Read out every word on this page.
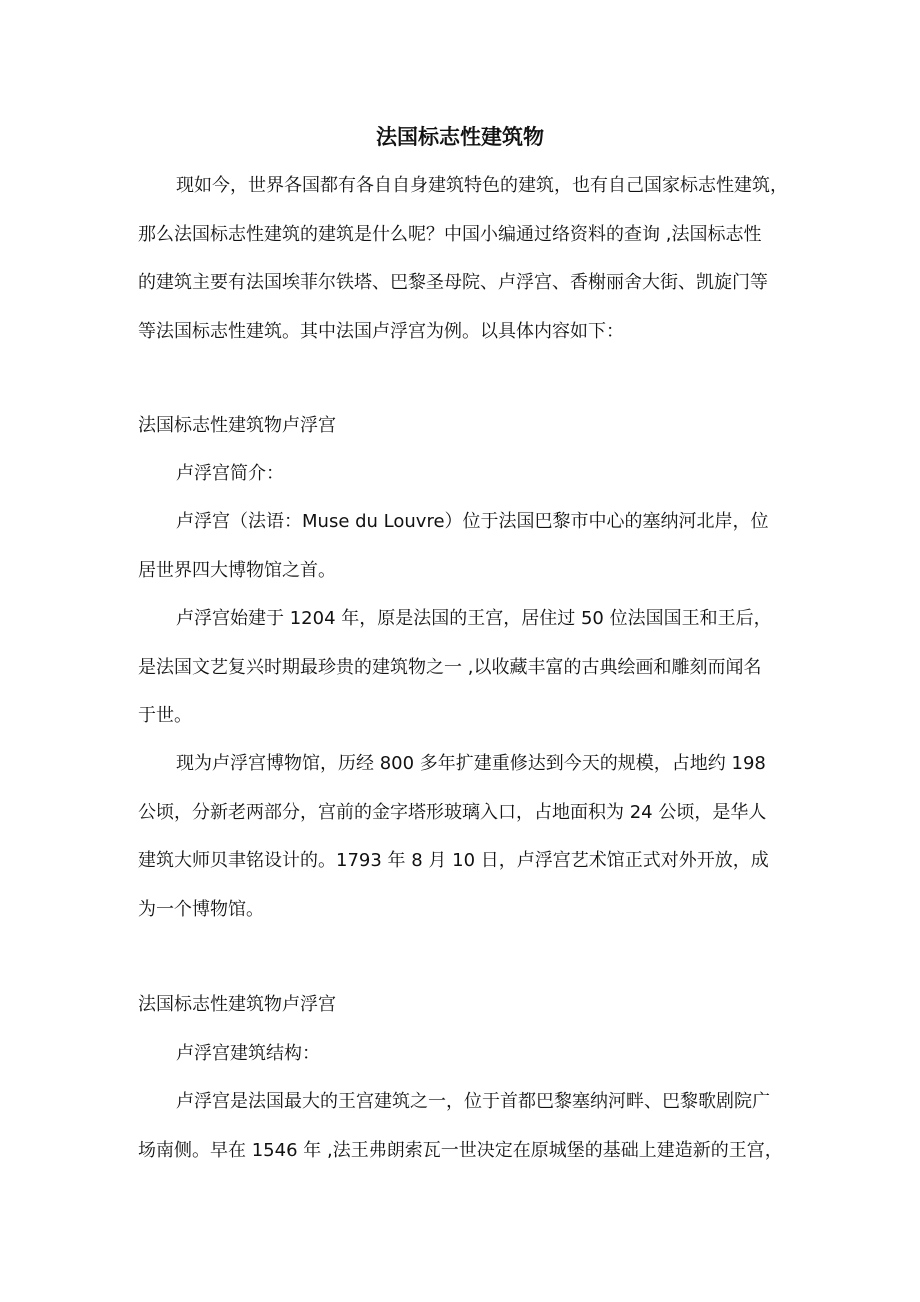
法国标志性建筑物

现如今，世界各国都有各自自身建筑特色的建筑，也有自己国家标志性建筑，
那么法国标志性建筑的建筑是什么呢？中国小编通过络资料的查询 ,法国标志性
的建筑主要有法国埃菲尔铁塔、巴黎圣母院、卢浮宫、香榭丽舍大街、凯旋门等
等法国标志性建筑。其中法国卢浮宫为例。以具体内容如下：

法国标志性建筑物卢浮宫

卢浮宫简介：

卢浮宫（法语：Muse du Louvre）位于法国巴黎市中心的塞纳河北岸，位
居世界四大博物馆之首。

卢浮宫始建于 1204 年，原是法国的王宫，居住过 50 位法国国王和王后，
是法国文艺复兴时期最珍贵的建筑物之一 ,以收藏丰富的古典绘画和雕刻而闻名
于世。

现为卢浮宫博物馆，历经 800 多年扩建重修达到今天的规模，占地约 198
公顷，分新老两部分，宫前的金字塔形玻璃入口，占地面积为 24 公顷，是华人
建筑大师贝聿铭设计的。1793 年 8 月 10 日，卢浮宫艺术馆正式对外开放，成
为一个博物馆。

法国标志性建筑物卢浮宫

卢浮宫建筑结构：

卢浮宫是法国最大的王宫建筑之一，位于首都巴黎塞纳河畔、巴黎歌剧院广
场南侧。早在 1546 年 ,法王弗朗索瓦一世决定在原城堡的基础上建造新的王宫，
